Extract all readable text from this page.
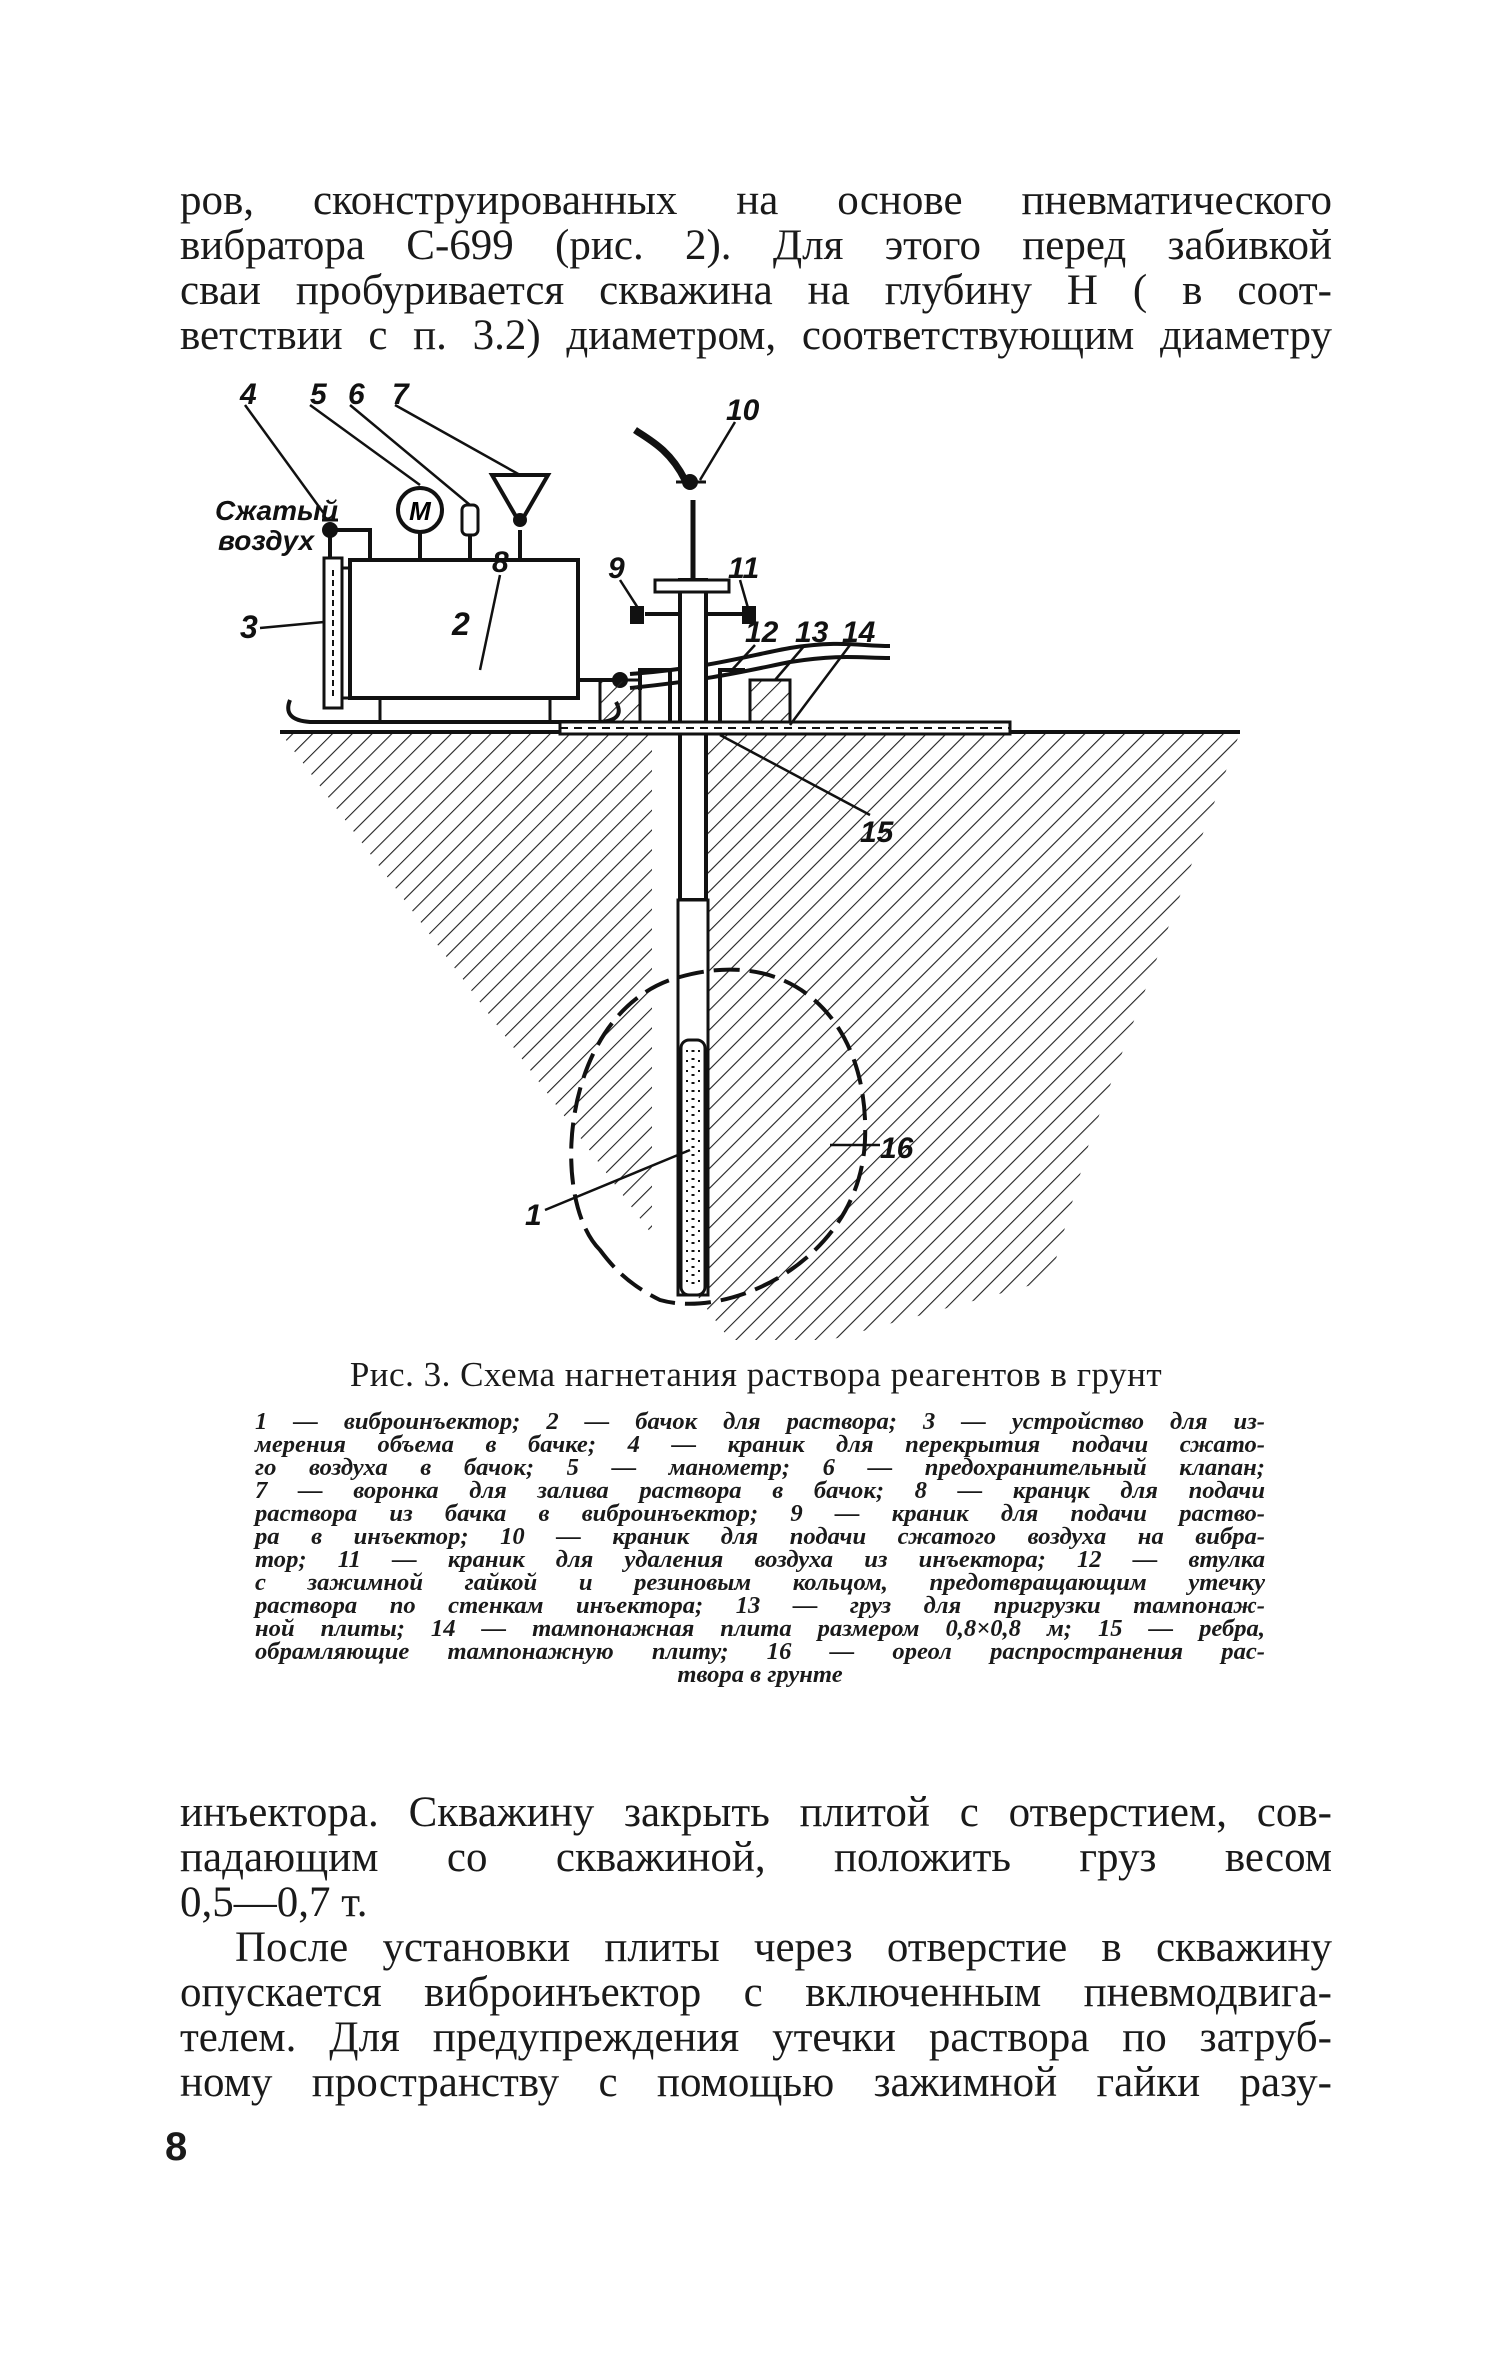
ров, сконструированных на основе пневматического
вибратора С-699 (рис. 2). Для этого перед забивкой
сваи пробуривается скважина на глубину H ( в соот-
ветствии с п. 3.2) диаметром, соответствующим диаметру
M
4 5 6 7
Сжатый
воздух
3	2
10
8	9	11
12 13 14
15
16
1
Рис. 3. Схема нагнетания раствора реагентов в грунт
1 — виброинъектор; 2 — бачок для раствора; 3 — устройство для из-
мерения объема в бачке; 4 — краник для перекрытия подачи сжато-
го воздуха в бачок; 5 — манометр; 6 — предохранительный клапан;
7 — воронка для залива раствора в бачок; 8 — кранцк для подачи
раствора из бачка в виброинъектор; 9 — краник для подачи раство-
ра в инъектор; 10 — краник для подачи сжатого воздуха на вибра-
тор; 11 — краник для удаления воздуха из инъектора; 12 — втулка
с зажимной гайкой и резиновым кольцом, предотвращающим утечку
раствора по стенкам инъектора; 13 — груз для пригрузки тампонаж-
ной плиты; 14 — тампонажная плита размером 0,8×0,8 м; 15 — ребра,
обрамляющие тампонажную плиту; 16 — ореол распространения рас-
твора в грунте
инъектора. Скважину закрыть плитой с отверстием, сов-
падающим со скважиной, положить груз весом
0,5—0,7 т.
После установки плиты через отверстие в скважину
опускается виброинъектор с включенным пневмодвига-
телем. Для предупреждения утечки раствора по затруб-
ному пространству с помощью зажимной гайки разу-
8
